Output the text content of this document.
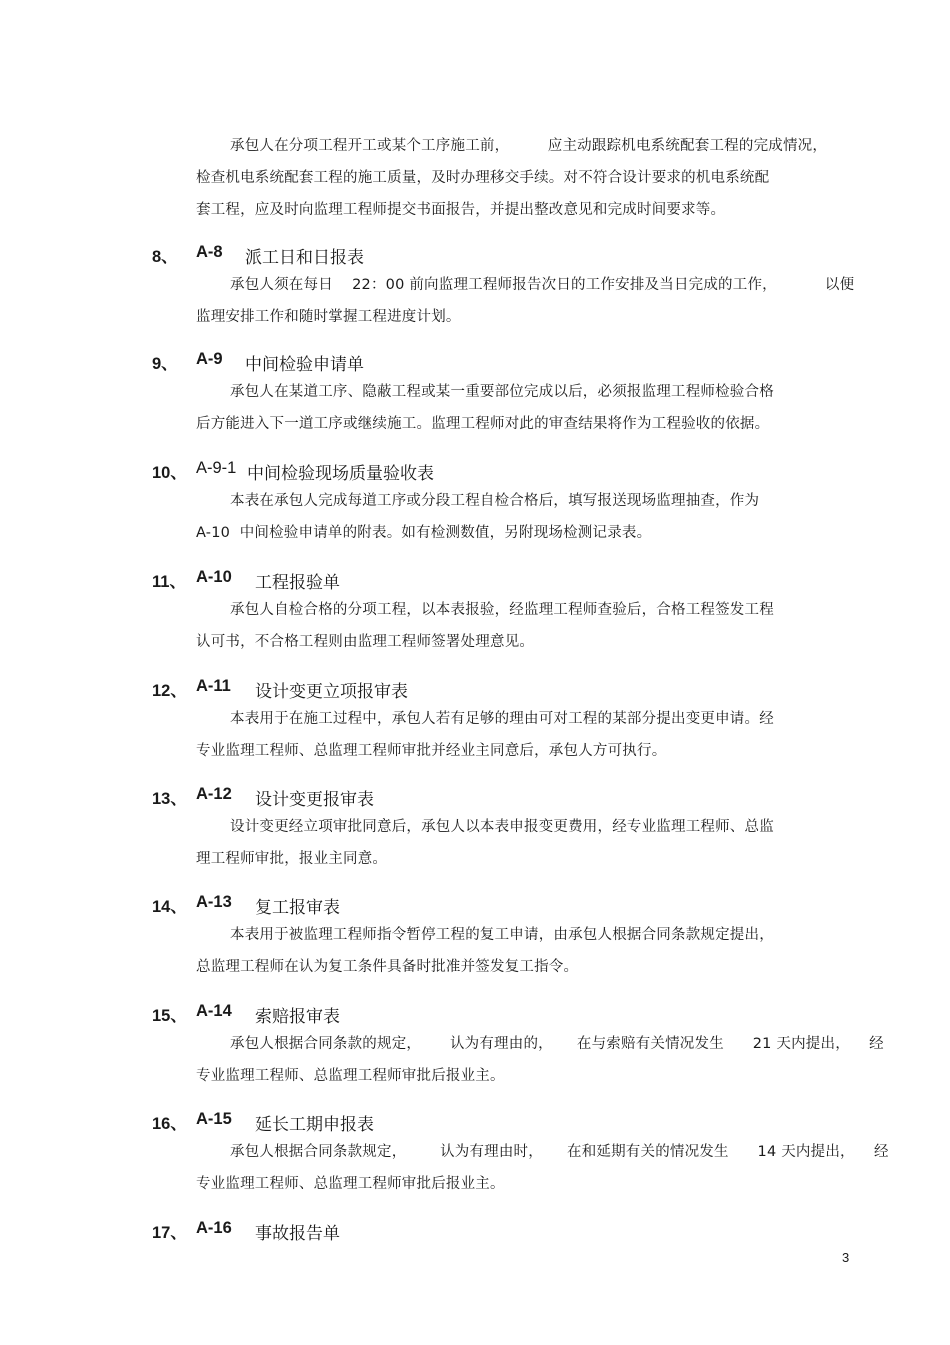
承包人在分项工程开工或某个工序施工前，        应主动跟踪机电系统配套工程的完成情况，
检查机电系统配套工程的施工质量，及时办理移交手续。对不符合设计要求的机电系统配
套工程，应及时向监理工程师提交书面报告，并提出整改意见和完成时间要求等。
8、 A-8 派工日和日报表
承包人须在每日    22：00 前向监理工程师报告次日的工作安排及当日完成的工作，          以便
监理安排工作和随时掌握工程进度计划。
9、 A-9 中间检验申请单
承包人在某道工序、隐蔽工程或某一重要部位完成以后，必须报监理工程师检验合格
后方能进入下一道工序或继续施工。监理工程师对此的审查结果将作为工程验收的依据。
10、 A-9-1 中间检验现场质量验收表
本表在承包人完成每道工序或分段工程自检合格后，填写报送现场监理抽查，作为
A-10  中间检验申请单的附表。如有检测数值，另附现场检测记录表。
11、 A-10 工程报验单
承包人自检合格的分项工程，以本表报验，经监理工程师查验后，合格工程签发工程
认可书，不合格工程则由监理工程师签署处理意见。
12、 A-11 设计变更立项报审表
本表用于在施工过程中，承包人若有足够的理由可对工程的某部分提出变更申请。经
专业监理工程师、总监理工程师审批并经业主同意后，承包人方可执行。
13、 A-12 设计变更报审表
设计变更经立项审批同意后，承包人以本表申报变更费用，经专业监理工程师、总监
理工程师审批，报业主同意。
14、 A-13 复工报审表
本表用于被监理工程师指令暂停工程的复工申请，由承包人根据合同条款规定提出，
总监理工程师在认为复工条件具备时批准并签发复工指令。
15、 A-14 索赔报审表
承包人根据合同条款的规定，      认为有理由的，     在与索赔有关情况发生      21 天内提出，    经
专业监理工程师、总监理工程师审批后报业主。
16、 A-15 延长工期申报表
承包人根据合同条款规定，       认为有理由时，     在和延期有关的情况发生      14 天内提出，    经
专业监理工程师、总监理工程师审批后报业主。
17、 A-16 事故报告单
3
